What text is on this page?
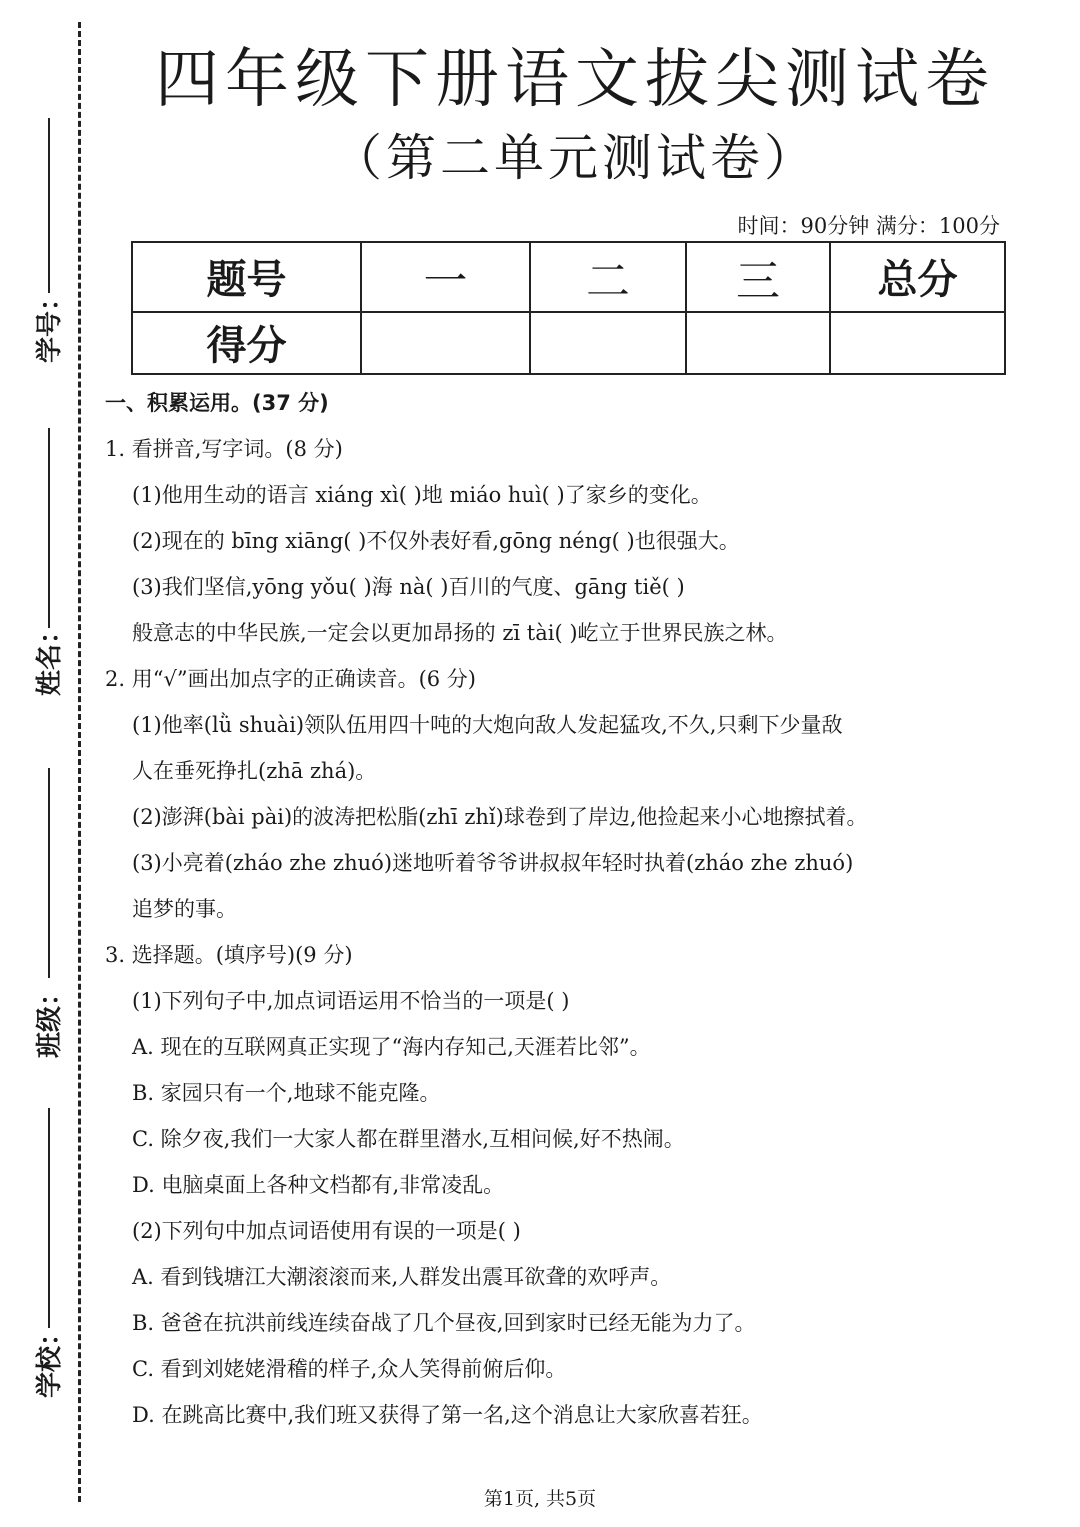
学号：
姓名：
班级：
学校：
四年级下册语文拔尖测试卷
（第二单元测试卷）
时间：90分钟 满分：100分
题号	一	二	三	总分
得分				
一、积累运用。(37 分)
1. 看拼音,写字词。(8 分)
(1)他用生动的语言 xiáng xì( )地 miáo huì( )了家乡的变化。
(2)现在的 bīng xiāng( )不仅外表好看,gōng néng( )也很强大。
(3)我们坚信,yōng yǒu( )海 nà( )百川的气度、gāng tiě( )
般意志的中华民族,一定会以更加昂扬的 zī tài( )屹立于世界民族之林。
2. 用“√”画出加点字的正确读音。(6 分)
(1)他率(lǜ shuài)领队伍用四十吨的大炮向敌人发起猛攻,不久,只剩下少量敌
人在垂死挣扎(zhā zhá)。
(2)澎湃(bài pài)的波涛把松脂(zhī zhǐ)球卷到了岸边,他捡起来小心地擦拭着。
(3)小亮着(zháo zhe zhuó)迷地听着爷爷讲叔叔年轻时执着(zháo zhe zhuó)
追梦的事。
3. 选择题。(填序号)(9 分)
(1)下列句子中,加点词语运用不恰当的一项是( )
A. 现在的互联网真正实现了“海内存知己,天涯若比邻”。
B. 家园只有一个,地球不能克隆。
C. 除夕夜,我们一大家人都在群里潜水,互相问候,好不热闹。
D. 电脑桌面上各种文档都有,非常凌乱。
(2)下列句中加点词语使用有误的一项是( )
A. 看到钱塘江大潮滚滚而来,人群发出震耳欲聋的欢呼声。
B. 爸爸在抗洪前线连续奋战了几个昼夜,回到家时已经无能为力了。
C. 看到刘姥姥滑稽的样子,众人笑得前俯后仰。
D. 在跳高比赛中,我们班又获得了第一名,这个消息让大家欣喜若狂。
第1页, 共5页
